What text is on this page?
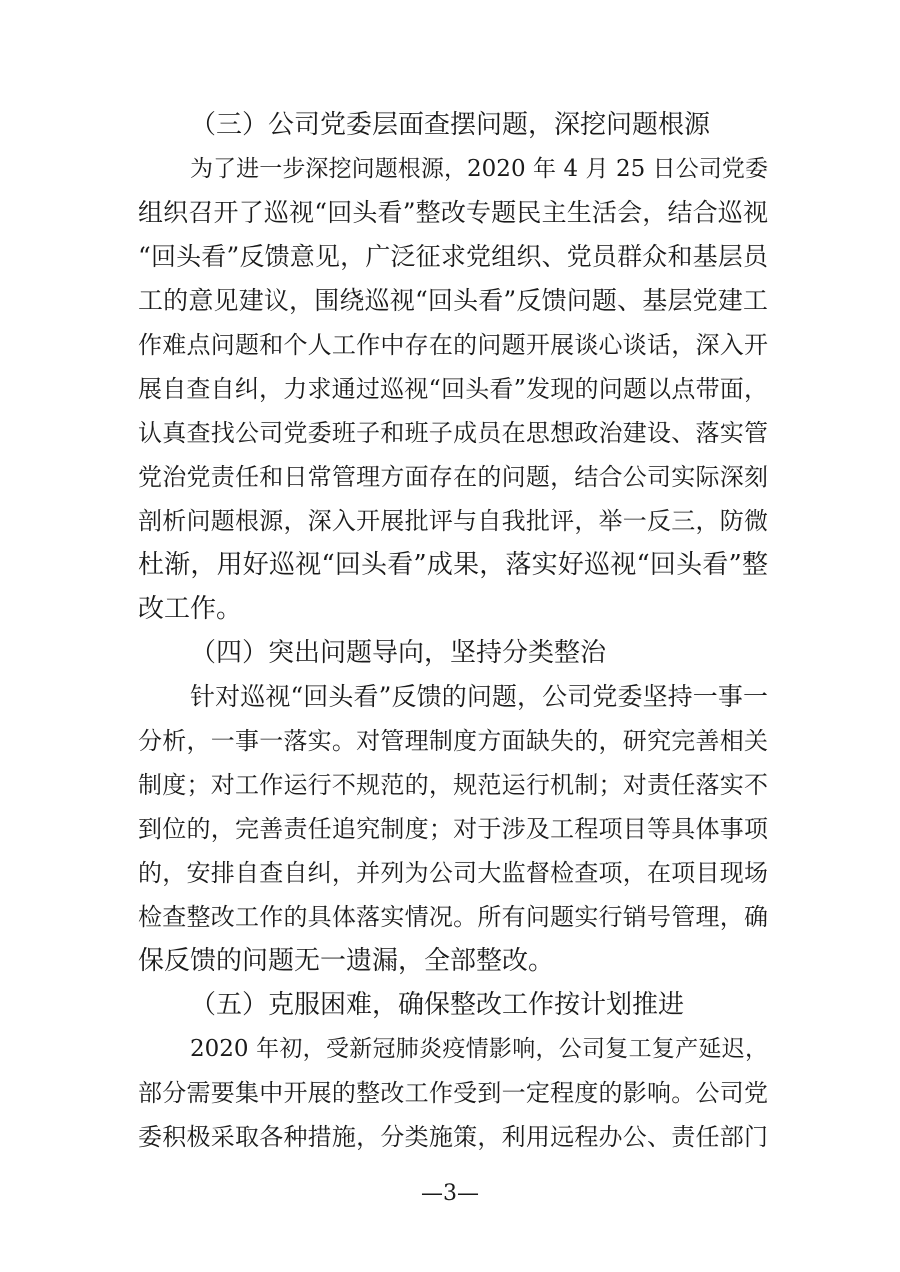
（三）公司党委层面查摆问题，深挖问题根源
为了进一步深挖问题根源，2020 年 4 月 25 日公司党委
组织召开了巡视“回头看”整改专题民主生活会，结合巡视
“回头看”反馈意见，广泛征求党组织、党员群众和基层员
工的意见建议，围绕巡视“回头看”反馈问题、基层党建工
作难点问题和个人工作中存在的问题开展谈心谈话，深入开
展自查自纠，力求通过巡视“回头看”发现的问题以点带面，
认真查找公司党委班子和班子成员在思想政治建设、落实管
党治党责任和日常管理方面存在的问题，结合公司实际深刻
剖析问题根源，深入开展批评与自我批评，举一反三，防微
杜渐，用好巡视“回头看”成果，落实好巡视“回头看”整
改工作。
（四）突出问题导向，坚持分类整治
针对巡视“回头看”反馈的问题，公司党委坚持一事一
分析，一事一落实。对管理制度方面缺失的，研究完善相关
制度；对工作运行不规范的，规范运行机制；对责任落实不
到位的，完善责任追究制度；对于涉及工程项目等具体事项
的，安排自查自纠，并列为公司大监督检查项，在项目现场
检查整改工作的具体落实情况。所有问题实行销号管理，确
保反馈的问题无一遗漏，全部整改。
（五）克服困难，确保整改工作按计划推进
2020 年初，受新冠肺炎疫情影响，公司复工复产延迟，
部分需要集中开展的整改工作受到一定程度的影响。公司党
委积极采取各种措施，分类施策，利用远程办公、责任部门
—3—
